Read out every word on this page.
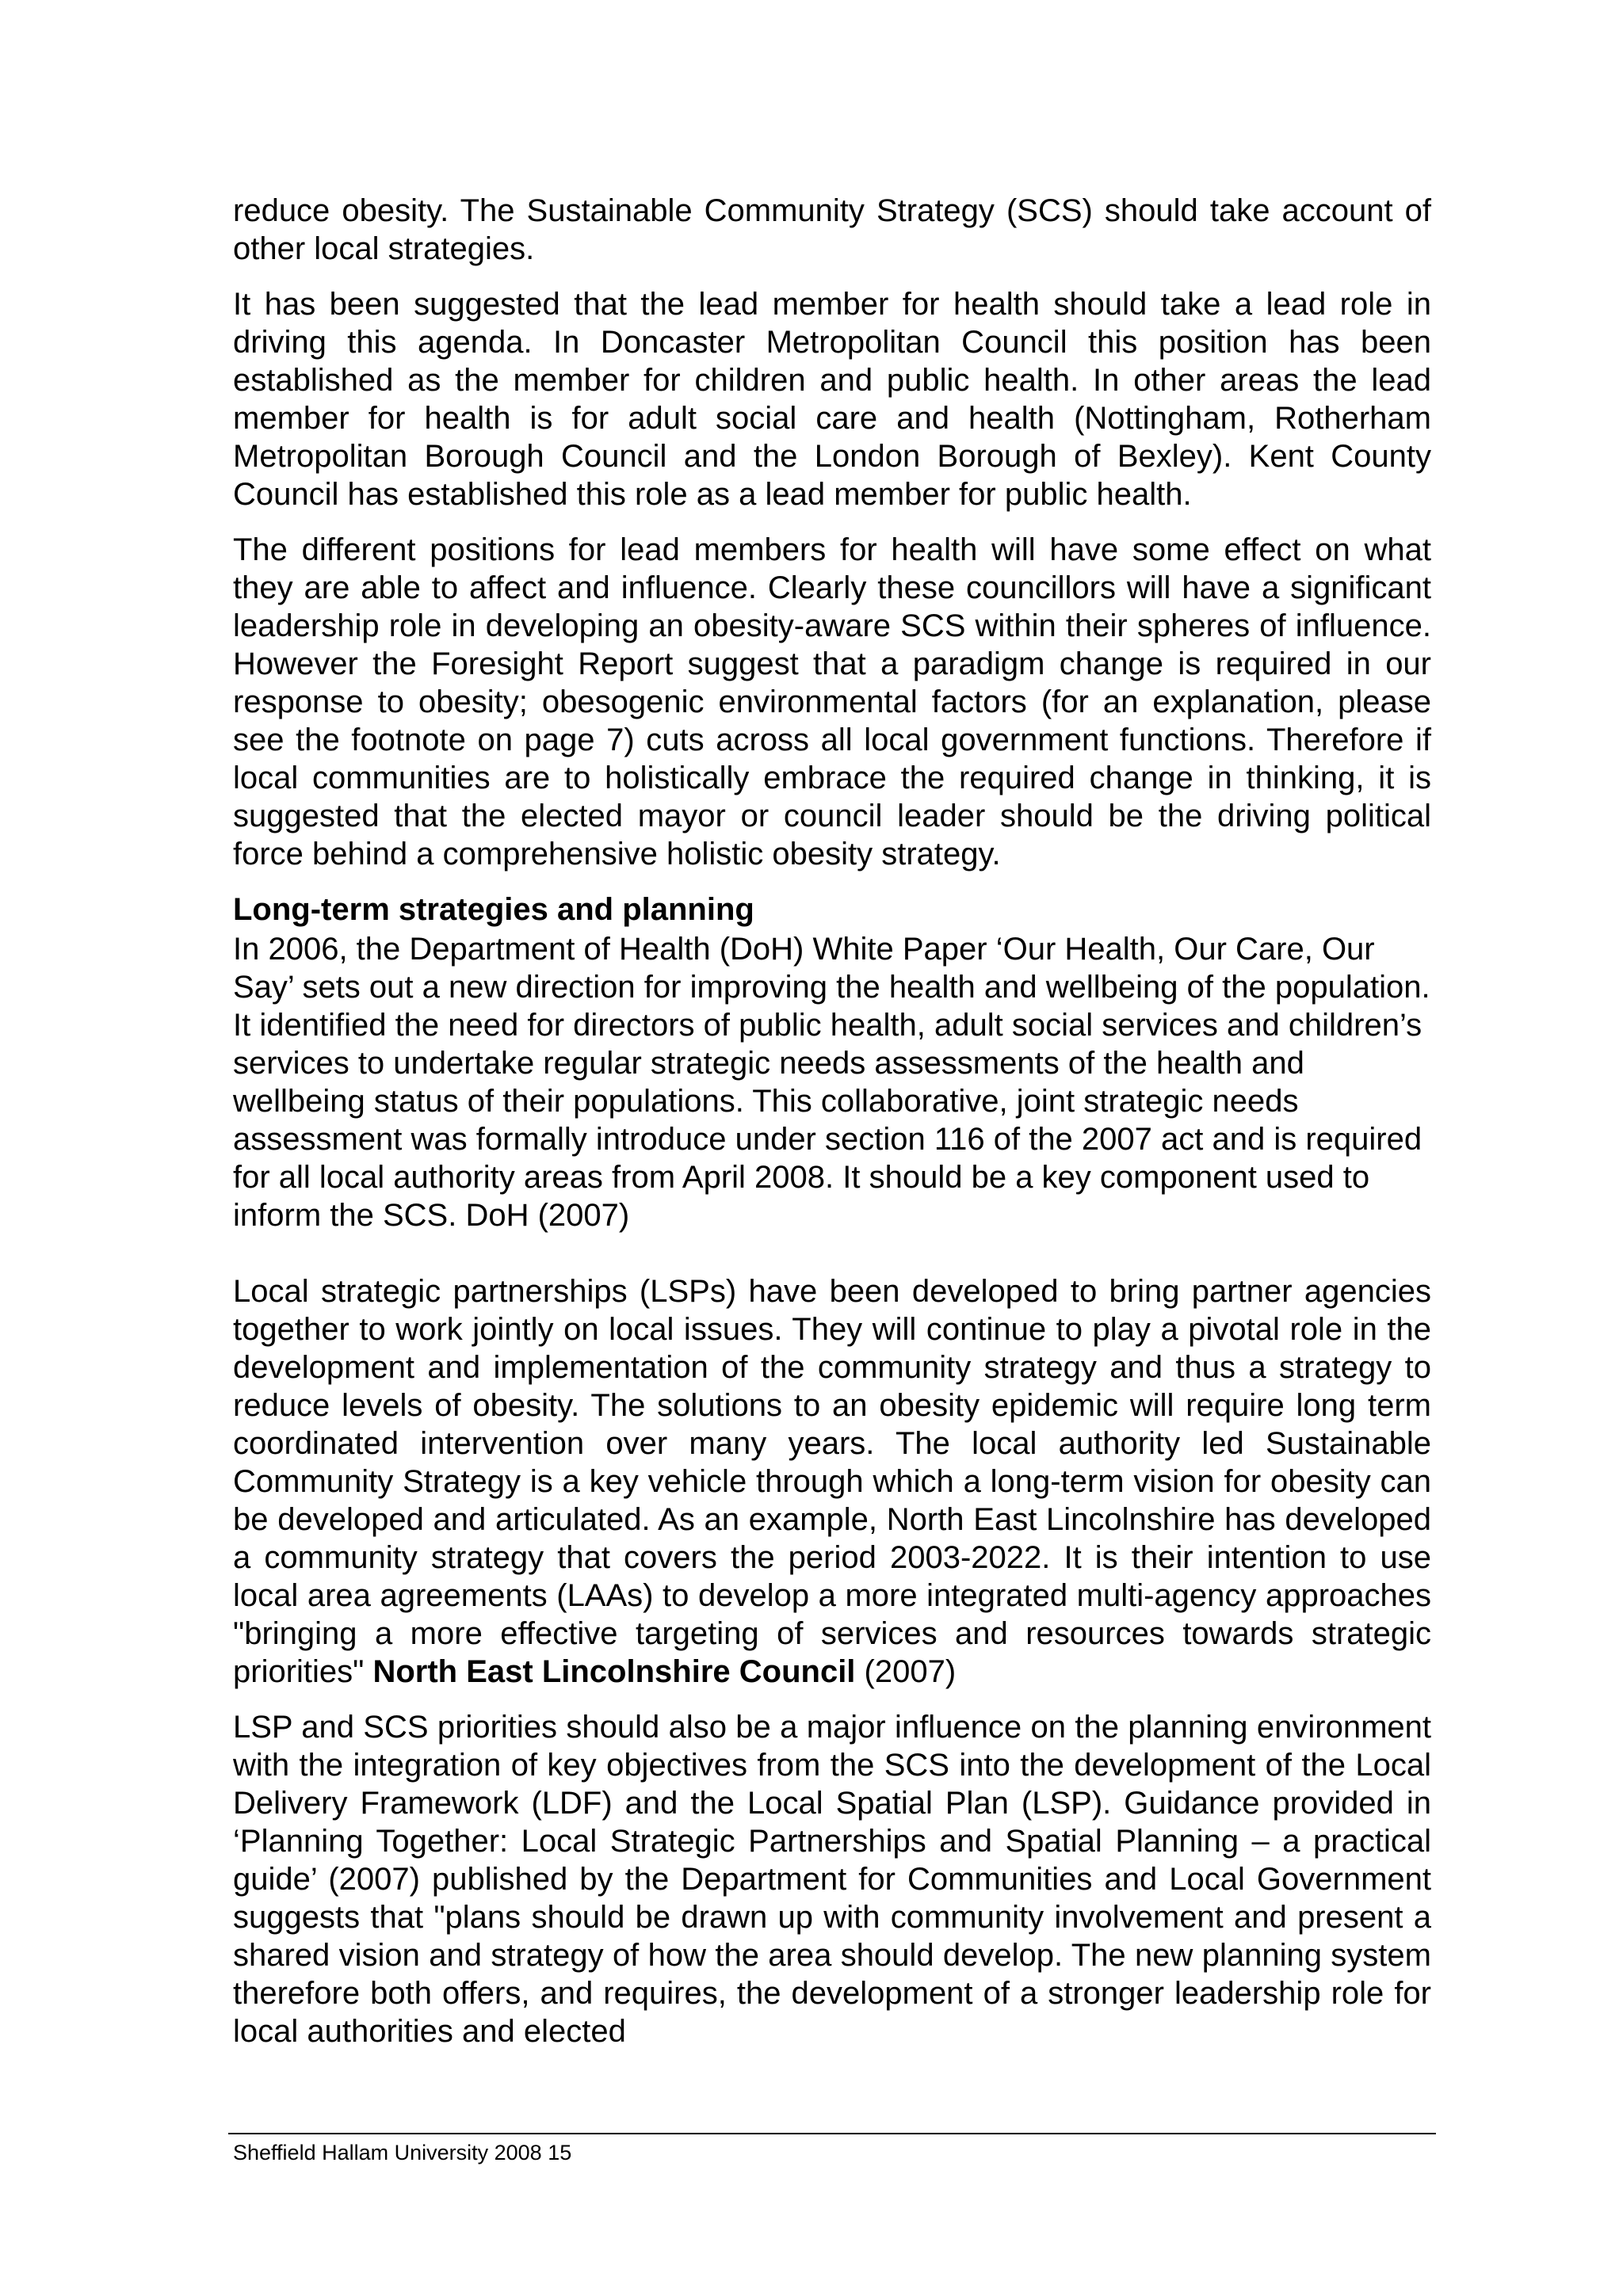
reduce obesity. The Sustainable Community Strategy (SCS) should take account of other local strategies.

It has been suggested that the lead member for health should take a lead role in driving this agenda. In Doncaster Metropolitan Council this position has been established as the member for children and public health. In other areas the lead member for health is for adult social care and health (Nottingham, Rotherham Metropolitan Borough Council and the London Borough of Bexley). Kent County Council has established this role as a lead member for public health.

The different positions for lead members for health will have some effect on what they are able to affect and influence. Clearly these councillors will have a significant leadership role in developing an obesity-aware SCS within their spheres of influence. However the Foresight Report suggest that a paradigm change is required in our response to obesity; obesogenic environmental factors (for an explanation, please see the footnote on page 7) cuts across all local government functions. Therefore if local communities are to holistically embrace the required change in thinking, it is suggested that the elected mayor or council leader should be the driving political force behind a comprehensive holistic obesity strategy.

Long-term strategies and planning

In 2006, the Department of Health (DoH) White Paper ‘Our Health, Our Care, Our Say’ sets out a new direction for improving the health and wellbeing of the population. It identified the need for directors of public health, adult social services and children’s services to undertake regular strategic needs assessments of the health and wellbeing status of their populations. This collaborative, joint strategic needs assessment was formally introduce under section 116 of the 2007 act and is required for all local authority areas from April 2008. It should be a key component used to inform the SCS. DoH (2007)

Local strategic partnerships (LSPs) have been developed to bring partner agencies together to work jointly on local issues. They will continue to play a pivotal role in the development and implementation of the community strategy and thus a strategy to reduce levels of obesity. The solutions to an obesity epidemic will require long term coordinated intervention over many years. The local authority led Sustainable Community Strategy is a key vehicle through which a long-term vision for obesity can be developed and articulated. As an example, North East Lincolnshire has developed a community strategy that covers the period 2003-2022. It is their intention to use local area agreements (LAAs) to develop a more integrated multi-agency approaches "bringing a more effective targeting of services and resources towards strategic priorities" North East Lincolnshire Council (2007)

LSP and SCS priorities should also be a major influence on the planning environment with the integration of key objectives from the SCS into the development of the Local Delivery Framework (LDF) and the Local Spatial Plan (LSP). Guidance provided in ‘Planning Together: Local Strategic Partnerships and Spatial Planning – a practical guide’ (2007) published by the Department for Communities and Local Government suggests that "plans should be drawn up with community involvement and present a shared vision and strategy of how the area should develop. The new planning system therefore both offers, and requires, the development of a stronger leadership role for local authorities and elected

Sheffield Hallam University 2008 15
